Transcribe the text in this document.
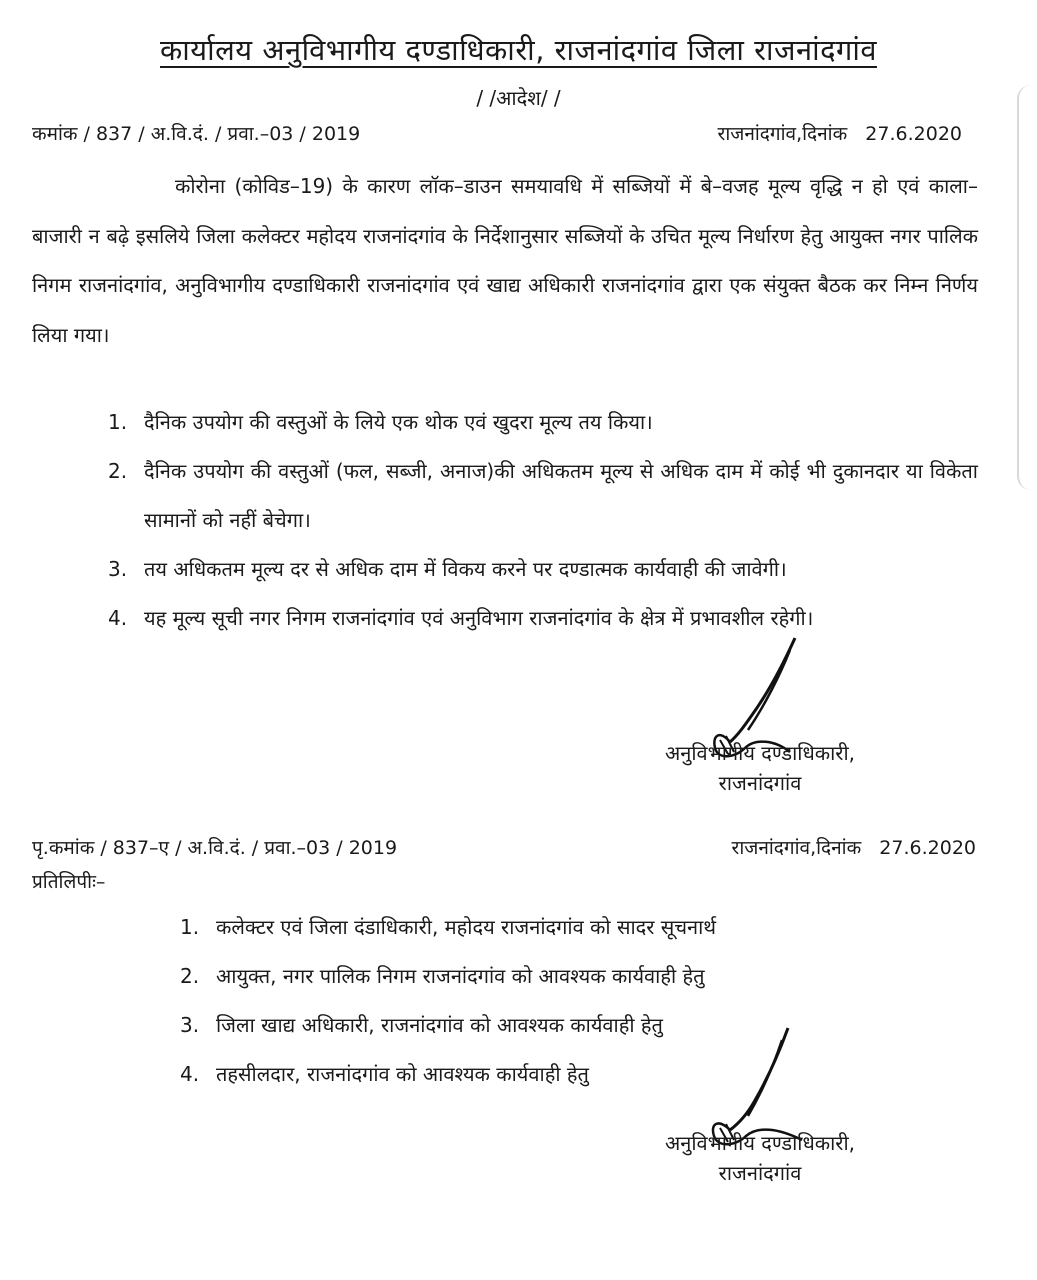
कार्यालय अनुविभागीय दण्डाधिकारी, राजनांदगांव जिला राजनांदगांव
/ /आदेश/ /
कमांक / 837 / अ.वि.दं. / प्रवा.–03 / 2019	राजनांदगांव,दिनांक   27.6.2020
कोरोना (कोविड–19) के कारण लॉक–डाउन समयावधि में सब्जियों में बे–वजह मूल्य वृद्धि न हो एवं काला–बाजारी न बढ़े इसलिये जिला कलेक्टर महोदय राजनांदगांव के निर्देशानुसार सब्जियों के उचित मूल्य निर्धारण हेतु आयुक्त नगर पालिक निगम राजनांदगांव, अनुविभागीय दण्डाधिकारी राजनांदगांव एवं खाद्य अधिकारी राजनांदगांव द्वारा एक संयुक्त बैठक कर निम्न निर्णय लिया गया।
1. दैनिक उपयोग की वस्तुओं के लिये एक थोक एवं खुदरा मूल्य तय किया।
2. दैनिक उपयोग की वस्तुओं (फल, सब्जी, अनाज)की अधिकतम मूल्य से अधिक दाम में कोई भी दुकानदार या विकेता सामानों को नहीं बेचेगा।
3. तय अधिकतम मूल्य दर से अधिक दाम में विकय करने पर दण्डात्मक कार्यवाही की जावेगी।
4. यह मूल्य सूची नगर निगम राजनांदगांव एवं अनुविभाग राजनांदगांव के क्षेत्र में प्रभावशील रहेगी।
अनुविभागीय दण्डाधिकारी,
राजनांदगांव
पृ.कमांक / 837–ए / अ.वि.दं. / प्रवा.–03 / 2019	राजनांदगांव,दिनांक   27.6.2020
प्रतिलिपीः–
1. कलेक्टर एवं जिला दंडाधिकारी, महोदय राजनांदगांव को सादर सूचनार्थ
2. आयुक्त, नगर पालिक निगम राजनांदगांव को आवश्यक कार्यवाही हेतु
3. जिला खाद्य अधिकारी, राजनांदगांव को आवश्यक कार्यवाही हेतु
4. तहसीलदार, राजनांदगांव को आवश्यक कार्यवाही हेतु
अनुविभागीय दण्डाधिकारी,
राजनांदगांव
